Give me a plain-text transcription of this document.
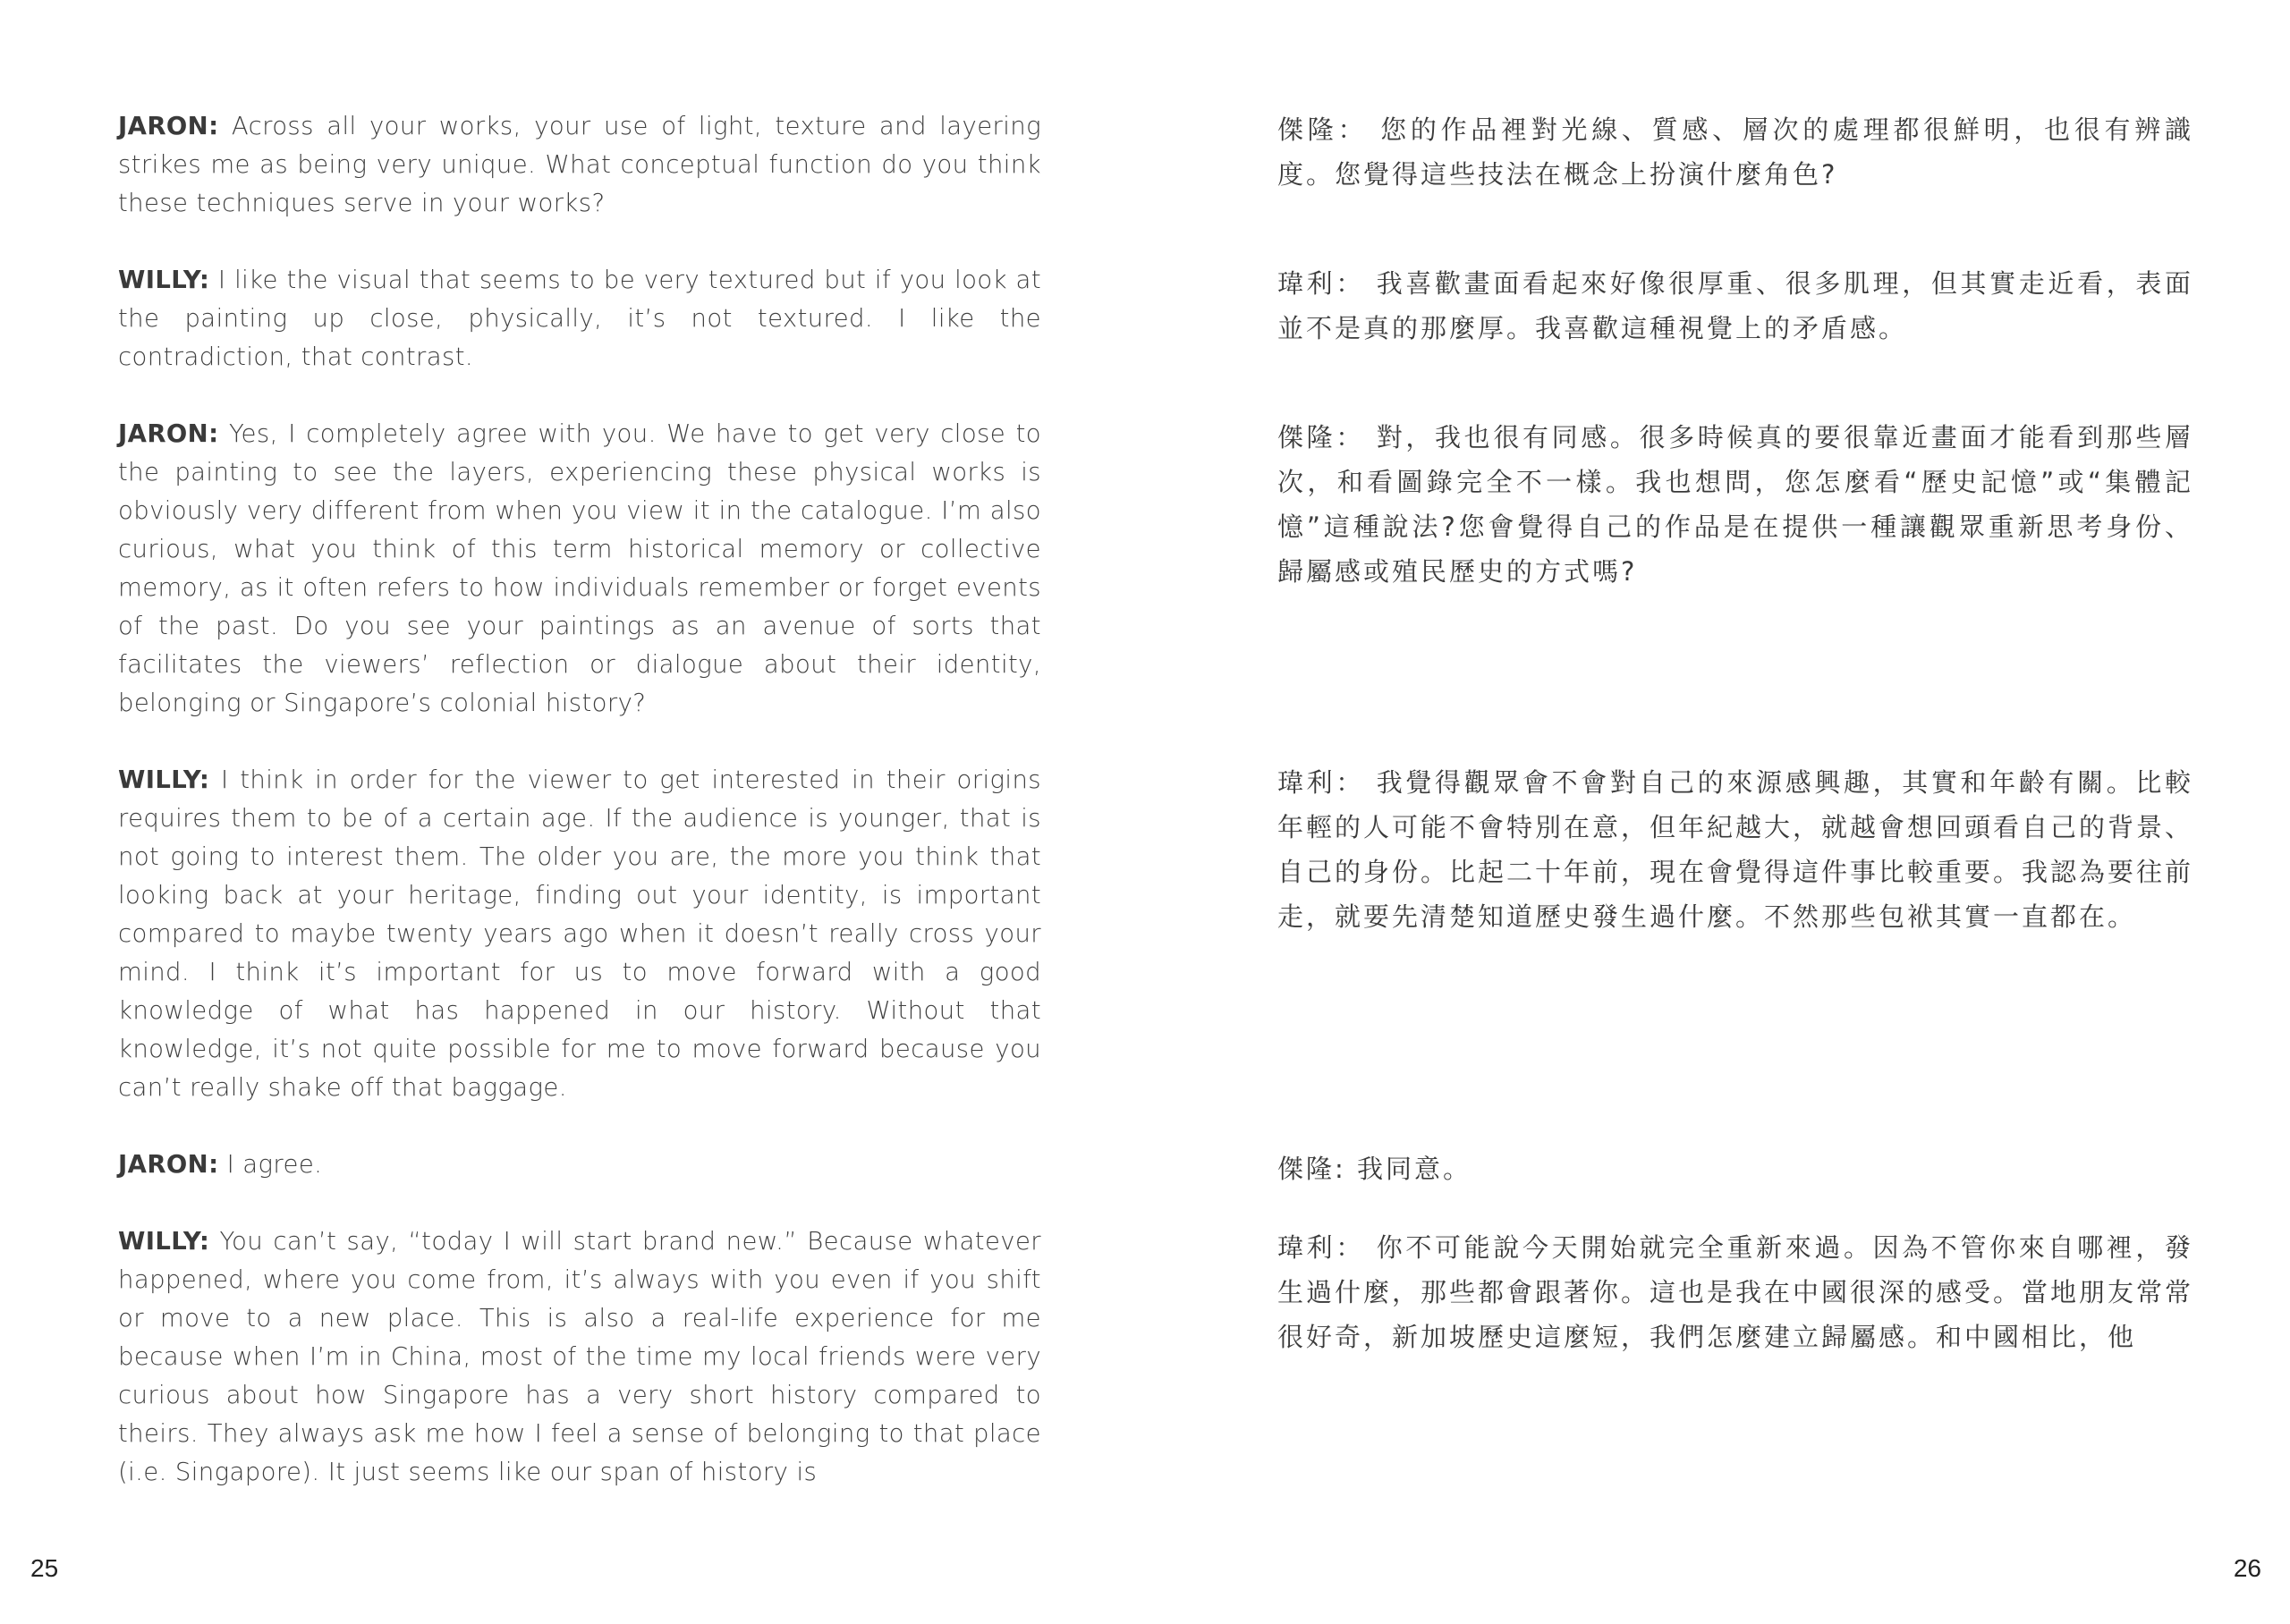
JARON: Across all your works, your use of light, texture and layering strikes me as being very unique. What conceptual function do you think these techniques serve in your works?

WILLY: I like the visual that seems to be very textured but if you look at the painting up close, physically, it’s not textured. I like the contradiction, that contrast.

JARON: Yes, I completely agree with you. We have to get very close to the painting to see the layers, experiencing these physical works is obviously very different from when you view it in the catalogue. I’m also curious, what you think of this term historical memory or collective memory, as it often refers to how individuals remember or forget events of the past. Do you see your paintings as an avenue of sorts that facilitates the viewers’ reflection or dialogue about their identity, belonging or Singapore’s colonial history?

WILLY: I think in order for the viewer to get interested in their origins requires them to be of a certain age. If the audience is younger, that is not going to interest them. The older you are, the more you think that looking back at your heritage, finding out your identity, is important compared to maybe twenty years ago when it doesn’t really cross your mind. I think it’s important for us to move forward with a good knowledge of what has happened in our history. Without that knowledge, it’s not quite possible for me to move forward because you can’t really shake off that baggage.

JARON: I agree.

WILLY: You can’t say, “today I will start brand new.” Because whatever happened, where you come from, it’s always with you even if you shift or move to a new place. This is also a real-life experience for me because when I’m in China, most of the time my local friends were very curious about how Singapore has a very short history compared to theirs. They always ask me how I feel a sense of belonging to that place (i.e. Singapore). It just seems like our span of history is

25

傑隆： 您的作品裡對光線、質感、層次的處理都很鮮明，也很有辨識度。您覺得這些技法在概念上扮演什麼角色?

瑋利： 我喜歡畫面看起來好像很厚重、很多肌理，但其實走近看，表面並不是真的那麼厚。我喜歡這種視覺上的矛盾感。

傑隆： 對，我也很有同感。很多時候真的要很靠近畫面才能看到那些層次，和看圖錄完全不一樣。我也想問，您怎麼看“歷史記憶”或“集體記憶”這種說法?您會覺得自己的作品是在提供一種讓觀眾重新思考身份、歸屬感或殖民歷史的方式嗎?

瑋利： 我覺得觀眾會不會對自己的來源感興趣，其實和年齡有關。比較年輕的人可能不會特別在意，但年紀越大，就越會想回頭看自己的背景、自己的身份。比起二十年前，現在會覺得這件事比較重要。我認為要往前走，就要先清楚知道歷史發生過什麼。不然那些包袱其實一直都在。

傑隆: 我同意。

瑋利： 你不可能說今天開始就完全重新來過。因為不管你來自哪裡，發生過什麼，那些都會跟著你。這也是我在中國很深的感受。當地朋友常常很好奇，新加坡歷史這麼短，我們怎麼建立歸屬感。和中國相比，他

26
